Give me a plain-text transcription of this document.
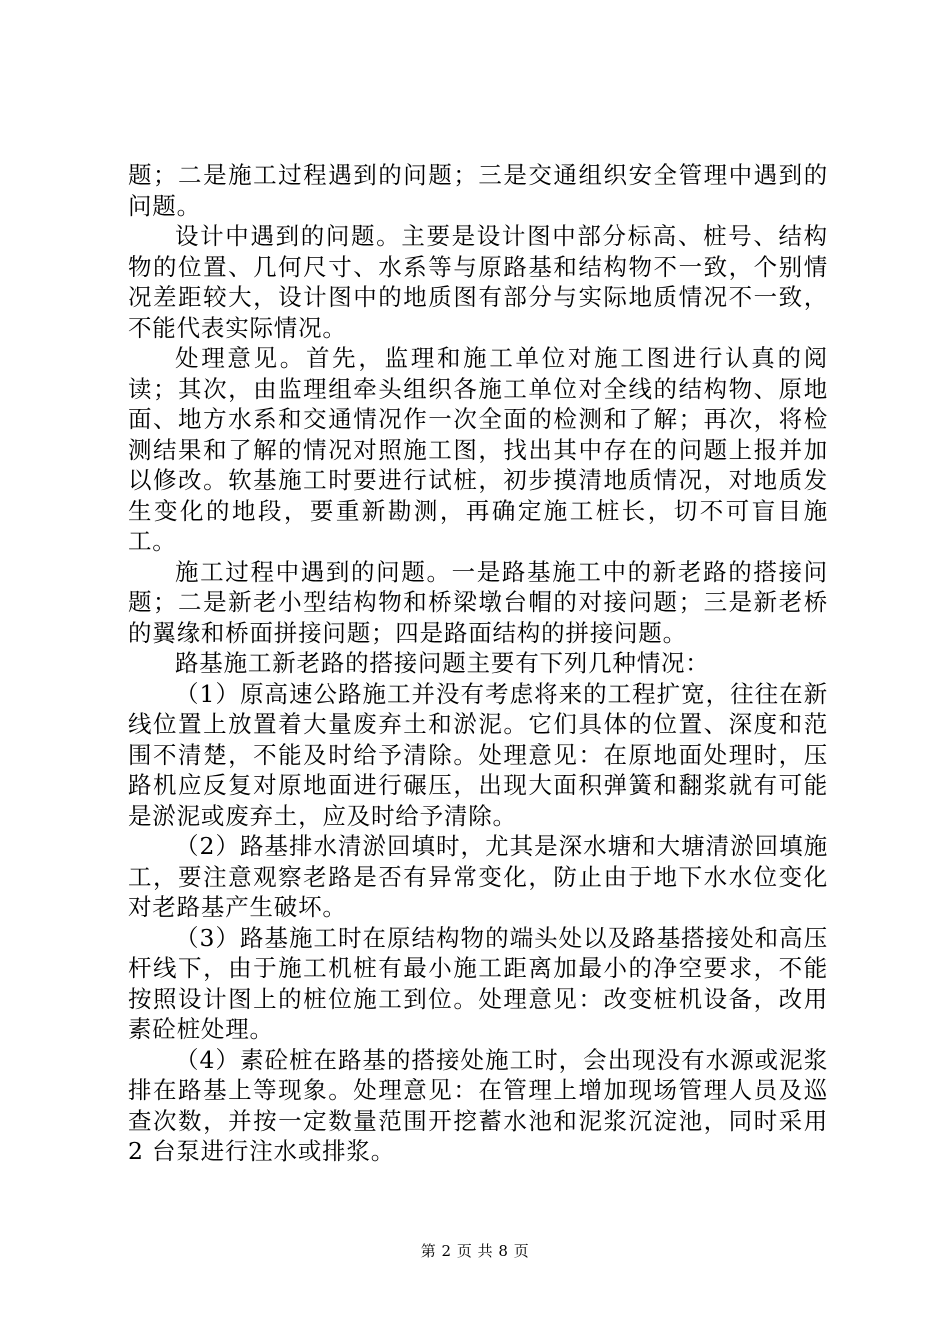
题；二是施工过程遇到的问题；三是交通组织安全管理中遇到的问题。

设计中遇到的问题。主要是设计图中部分标高、桩号、结构物的位置、几何尺寸、水系等与原路基和结构物不一致，个别情况差距较大，设计图中的地质图有部分与实际地质情况不一致，不能代表实际情况。

处理意见。首先，监理和施工单位对施工图进行认真的阅读；其次，由监理组牵头组织各施工单位对全线的结构物、原地面、地方水系和交通情况作一次全面的检测和了解；再次，将检测结果和了解的情况对照施工图，找出其中存在的问题上报并加以修改。软基施工时要进行试桩，初步摸清地质情况，对地质发生变化的地段，要重新勘测，再确定施工桩长，切不可盲目施工。

施工过程中遇到的问题。一是路基施工中的新老路的搭接问题；二是新老小型结构物和桥梁墩台帽的对接问题；三是新老桥的翼缘和桥面拼接问题；四是路面结构的拼接问题。

路基施工新老路的搭接问题主要有下列几种情况：

（1）原高速公路施工并没有考虑将来的工程扩宽，往往在新线位置上放置着大量废弃土和淤泥。它们具体的位置、深度和范围不清楚，不能及时给予清除。处理意见：在原地面处理时，压路机应反复对原地面进行碾压，出现大面积弹簧和翻浆就有可能是淤泥或废弃土，应及时给予清除。

（2）路基排水清淤回填时，尤其是深水塘和大塘清淤回填施工，要注意观察老路是否有异常变化，防止由于地下水水位变化对老路基产生破坏。

（3）路基施工时在原结构物的端头处以及路基搭接处和高压杆线下，由于施工机桩有最小施工距离加最小的净空要求，不能按照设计图上的桩位施工到位。处理意见：改变桩机设备，改用素砼桩处理。

（4）素砼桩在路基的搭接处施工时，会出现没有水源或泥浆排在路基上等现象。处理意见：在管理上增加现场管理人员及巡查次数，并按一定数量范围开挖蓄水池和泥浆沉淀池，同时采用 2 台泵进行注水或排浆。

第 2 页 共 8 页
